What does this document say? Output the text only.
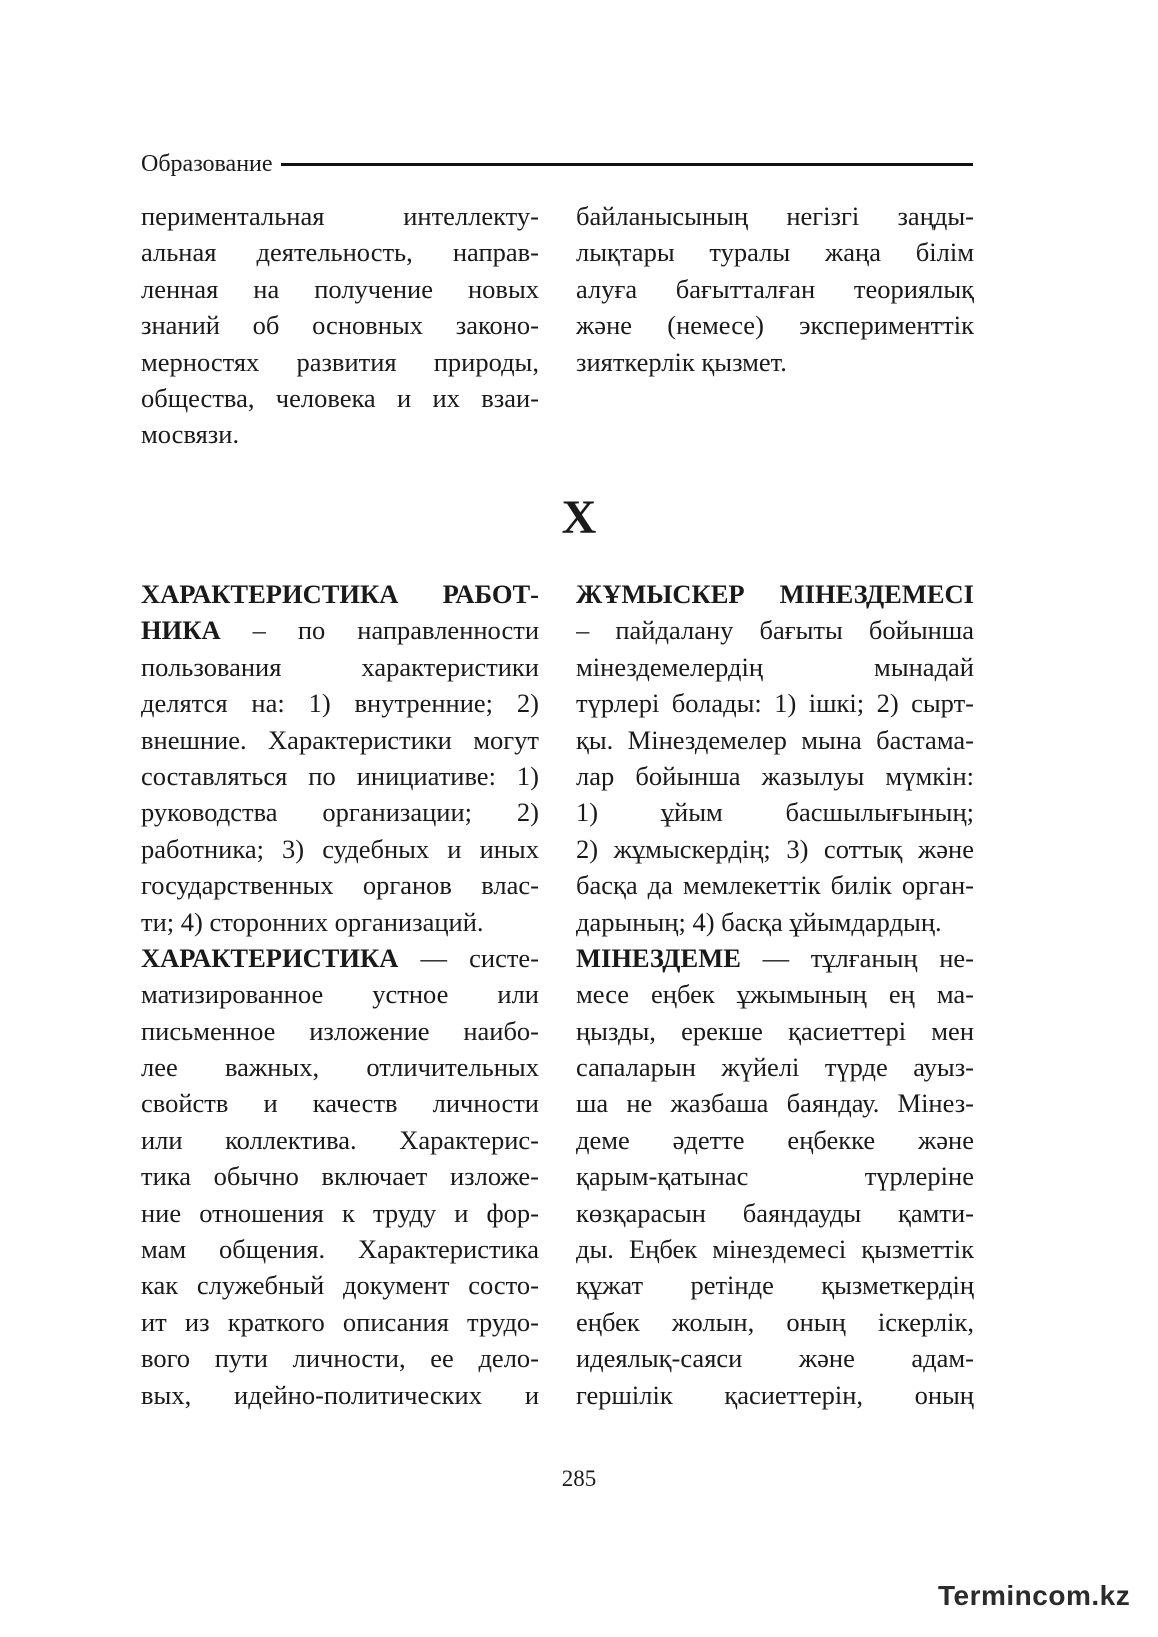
Образование
периментальная интеллекту-
альная деятельность, направ-
ленная на получение новых
знаний об основных законо-
мерностях развития природы,
общества, человека и их взаи-
мосвязи.
байланысының негізгі заңды-
лықтары туралы жаңа білім
алуға бағытталған теориялық
және (немесе) эксперименттік
зияткерлік қызмет.
Х
ХАРАКТЕРИСТИКА РАБОТ-
НИКА – по направленности
пользования характеристики
делятся на: 1) внутренние; 2)
внешние. Характеристики могут
составляться по инициативе: 1)
руководства организации; 2)
работника; 3) судебных и иных
государственных органов влас-
ти; 4) сторонних организаций.
ХАРАКТЕРИСТИКА — систе-
матизированное устное или
письменное изложение наибо-
лее важных, отличительных
свойств и качеств личности
или коллектива. Характерис-
тика обычно включает изложе-
ние отношения к труду и фор-
мам общения. Характеристика
как служебный документ состо-
ит из краткого описания трудо-
вого пути личности, ее дело-
вых, идейно-политических и
ЖҰМЫСКЕР МІНЕЗДЕМЕСІ
– пайдалану бағыты бойынша
мінездемелердің мынадай
түрлері болады: 1) ішкі; 2) сырт-
қы. Мінездемелер мына бастама-
лар бойынша жазылуы мүмкін:
1) ұйым басшылығының;
2) жұмыскердің; 3) соттық және
басқа да мемлекеттік билік орган-
дарының; 4) басқа ұйымдардың.
МІНЕЗДЕМЕ — тұлғаның не-
месе еңбек ұжымының ең ма-
ңызды, ерекше қасиеттері мен
сапаларын жүйелі түрде ауыз-
ша не жазбаша баяндау. Мінез-
деме әдетте еңбекке және
қарым-қатынас түрлеріне
көзқарасын баяндауды қамти-
ды. Еңбек мінездемесі қызметтік
құжат ретінде қызметкердің
еңбек жолын, оның іскерлік,
идеялық-саяси және адам-
гершілік қасиеттерін, оның
285
Termincom.kz
